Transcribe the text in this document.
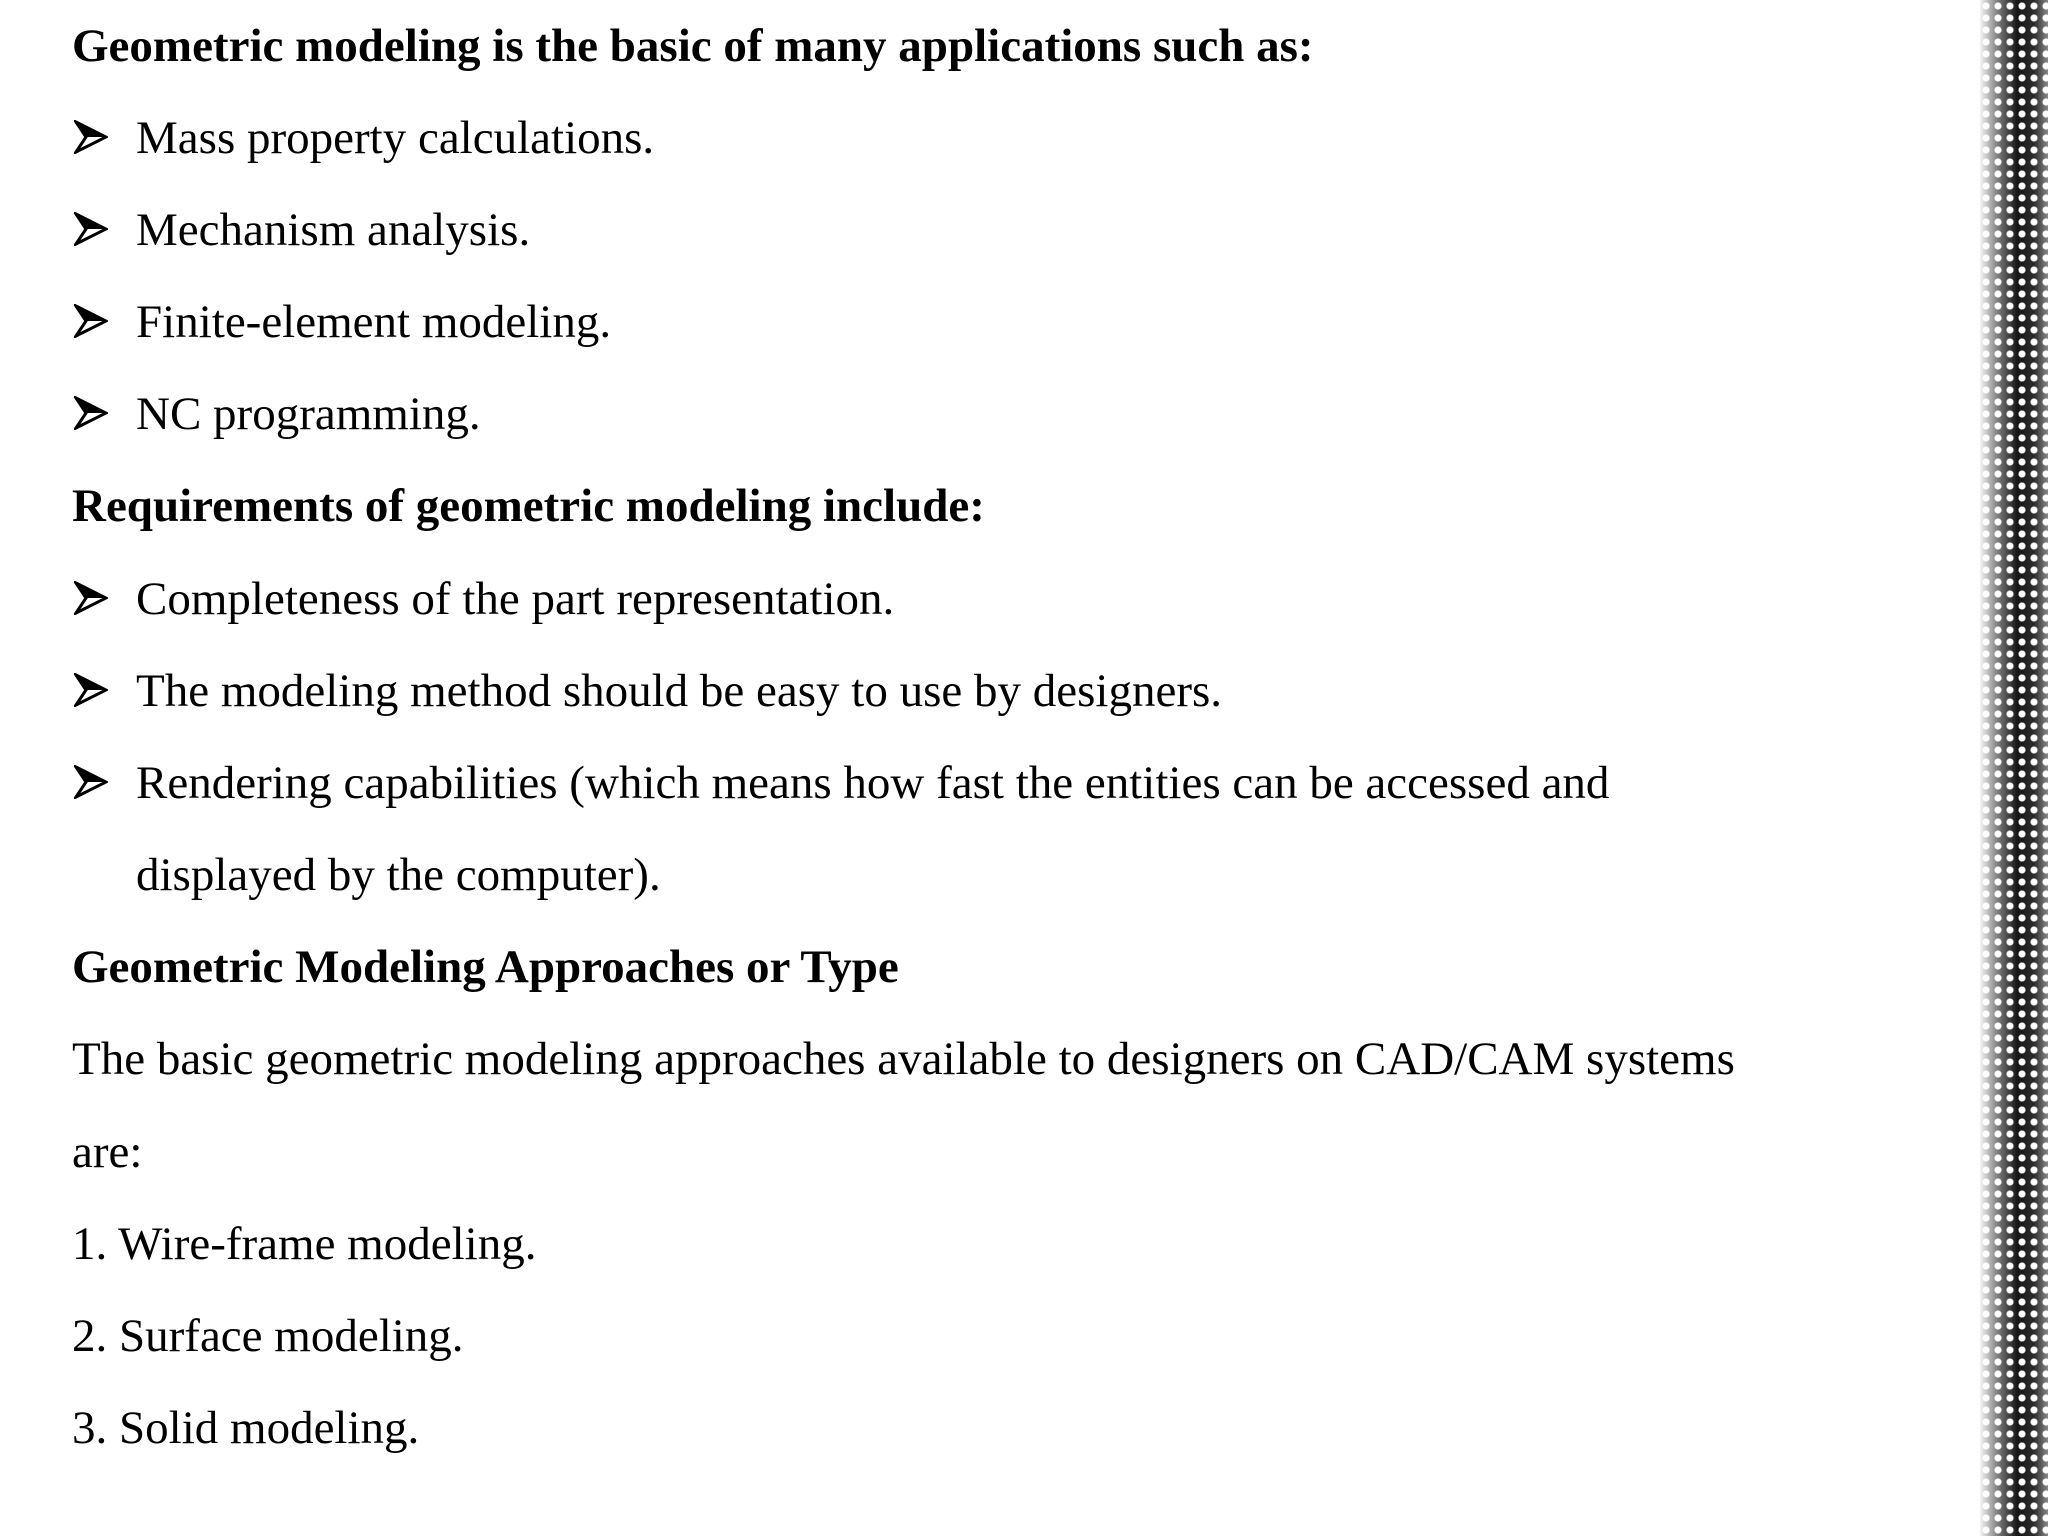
Geometric modeling is the basic of many applications such as:
Mass property calculations.
Mechanism analysis.
Finite-element modeling.
NC programming.
Requirements of geometric modeling include:
Completeness of the part representation.
The modeling method should be easy to use by designers.
Rendering capabilities (which means how fast the entities can be accessed and
displayed by the computer).
Geometric Modeling Approaches or Type
The basic geometric modeling approaches available to designers on CAD/CAM systems
are:
1. Wire-frame modeling.
2. Surface modeling.
3. Solid modeling.
